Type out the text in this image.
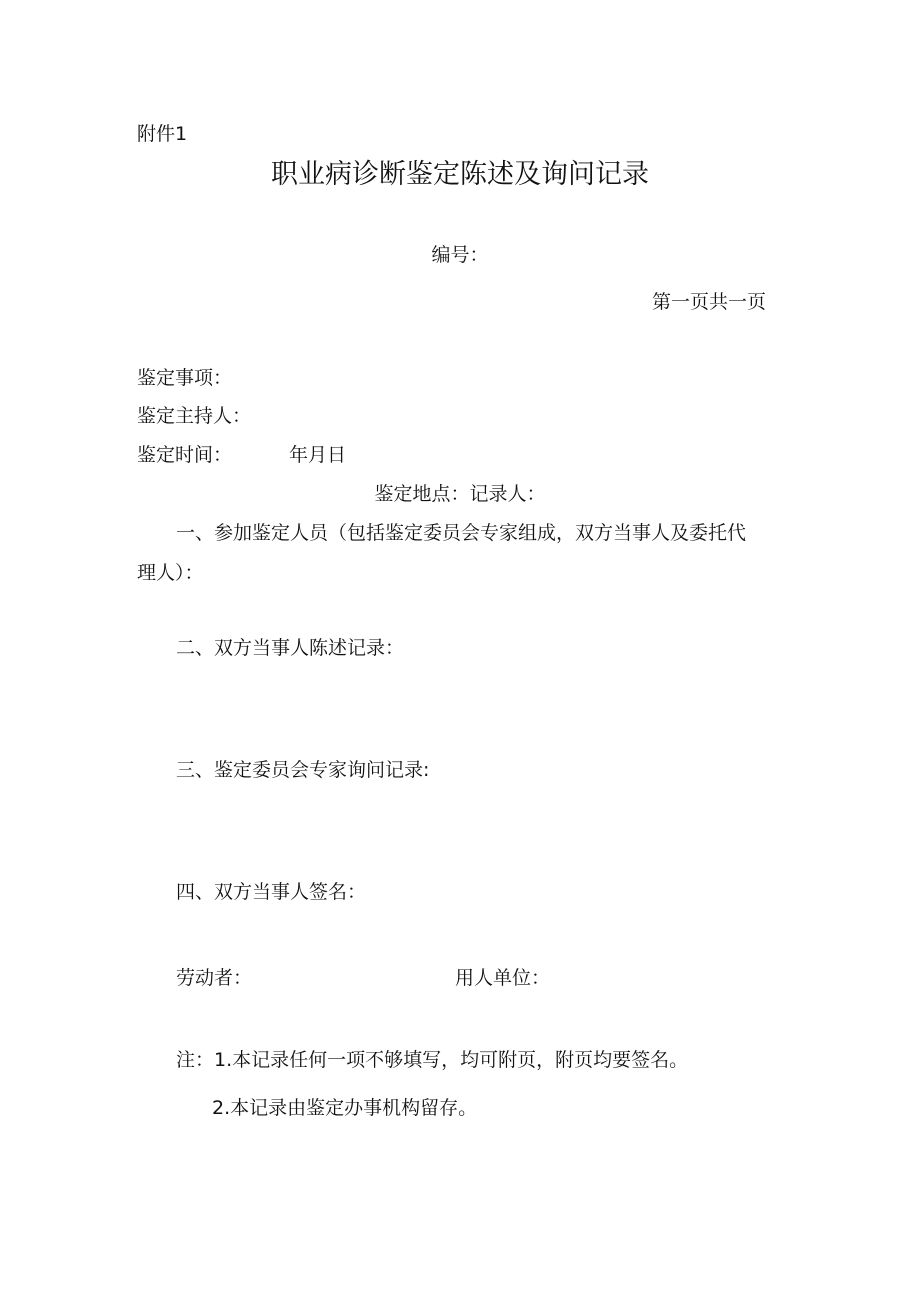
附件1
职业病诊断鉴定陈述及询问记录
编号：
第一页共一页
鉴定事项：
鉴定主持人：
鉴定时间：	年月日
鉴定地点：记录人：
一、参加鉴定人员（包括鉴定委员会专家组成，双方当事人及委托代
理人）：
二、双方当事人陈述记录：
三、鉴定委员会专家询问记录:
四、双方当事人签名：
劳动者：	用人单位：
注：1.本记录任何一项不够填写，均可附页，附页均要签名。
2.本记录由鉴定办事机构留存。
